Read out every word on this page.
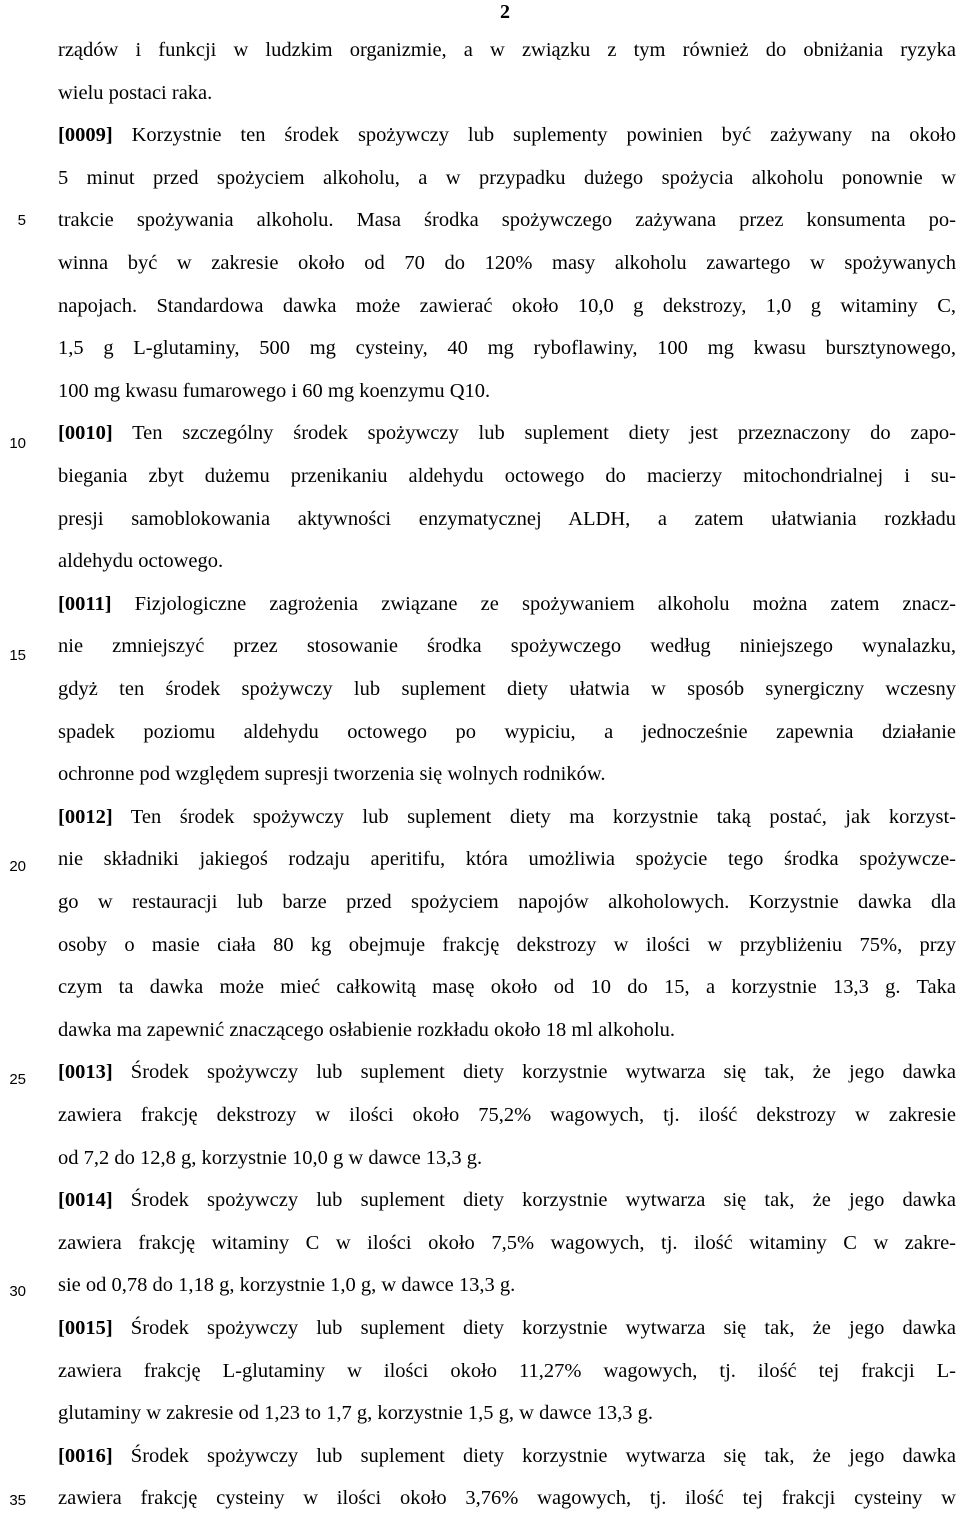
2
5
10
15
20
25
30
35
rządów i funkcji w ludzkim organizmie, a w związku z tym również do obniżania ryzyka
wielu postaci raka.
[0009] Korzystnie ten środek spożywczy lub suplementy powinien być zażywany na około
5 minut przed spożyciem alkoholu, a w przypadku dużego spożycia alkoholu ponownie w
trakcie spożywania alkoholu. Masa środka spożywczego zażywana przez konsumenta po-
winna być w zakresie około od 70 do 120% masy alkoholu zawartego w spożywanych
napojach. Standardowa dawka może zawierać około 10,0 g dekstrozy, 1,0 g witaminy C,
1,5 g L-glutaminy, 500 mg cysteiny, 40 mg ryboflawiny, 100 mg kwasu bursztynowego,
100 mg kwasu fumarowego i 60 mg koenzymu Q10.
[0010] Ten szczególny środek spożywczy lub suplement diety jest przeznaczony do zapo-
biegania zbyt dużemu przenikaniu aldehydu octowego do macierzy mitochondrialnej i su-
presji samoblokowania aktywności enzymatycznej ALDH, a zatem ułatwiania rozkładu
aldehydu octowego.
[0011] Fizjologiczne zagrożenia związane ze spożywaniem alkoholu można zatem znacz-
nie zmniejszyć przez stosowanie środka spożywczego według niniejszego wynalazku,
gdyż ten środek spożywczy lub suplement diety ułatwia w sposób synergiczny wczesny
spadek poziomu aldehydu octowego po wypiciu, a jednocześnie zapewnia działanie
ochronne pod względem supresji tworzenia się wolnych rodników.
[0012] Ten środek spożywczy lub suplement diety ma korzystnie taką postać, jak korzyst-
nie składniki jakiegoś rodzaju aperitifu, która umożliwia spożycie tego środka spożywcze-
go w restauracji lub barze przed spożyciem napojów alkoholowych. Korzystnie dawka dla
osoby o masie ciała 80 kg obejmuje frakcję dekstrozy w ilości w przybliżeniu 75%, przy
czym ta dawka może mieć całkowitą masę około od 10 do 15, a korzystnie 13,3 g. Taka
dawka ma zapewnić znaczącego osłabienie rozkładu około 18 ml alkoholu.
[0013] Środek spożywczy lub suplement diety korzystnie wytwarza się tak, że jego dawka
zawiera frakcję dekstrozy w ilości około 75,2% wagowych, tj. ilość dekstrozy w zakresie
od 7,2 do 12,8 g, korzystnie 10,0 g w dawce 13,3 g.
[0014] Środek spożywczy lub suplement diety korzystnie wytwarza się tak, że jego dawka
zawiera frakcję witaminy C w ilości około 7,5% wagowych, tj. ilość witaminy C w zakre-
sie od 0,78 do 1,18 g, korzystnie 1,0 g, w dawce 13,3 g.
[0015] Środek spożywczy lub suplement diety korzystnie wytwarza się tak, że jego dawka
zawiera frakcję L-glutaminy w ilości około 11,27% wagowych, tj. ilość tej frakcji L-
glutaminy w zakresie od 1,23 to 1,7 g, korzystnie 1,5 g, w dawce 13,3 g.
[0016] Środek spożywczy lub suplement diety korzystnie wytwarza się tak, że jego dawka
zawiera frakcję cysteiny w ilości około 3,76% wagowych, tj. ilość tej frakcji cysteiny w
